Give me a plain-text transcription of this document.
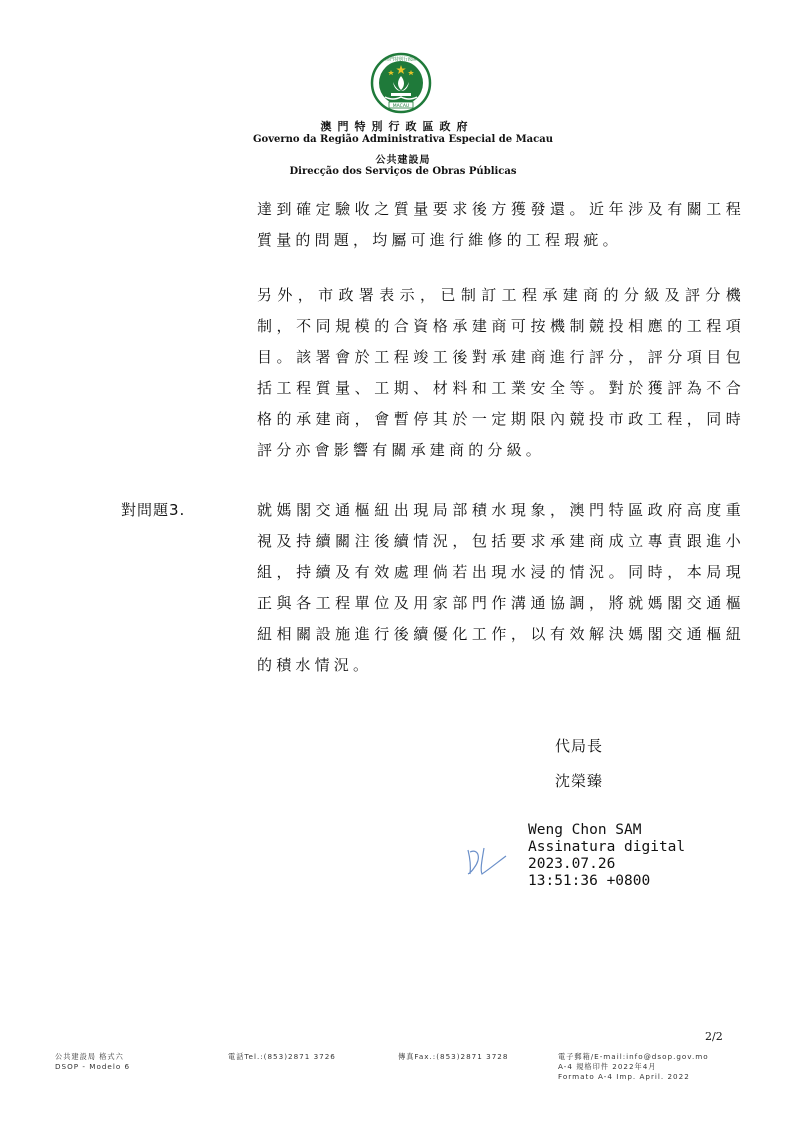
MACAU
澳門特別行政區
澳門特別行政區政府
Governo da Região Administrativa Especial de Macau
公共建設局
Direcção dos Serviços de Obras Públicas
達到確定驗收之質量要求後方獲發還。近年涉及有關工程質量的問題，均屬可進行維修的工程瑕疵。
另外，市政署表示，已制訂工程承建商的分級及評分機制，不同規模的合資格承建商可按機制競投相應的工程項目。該署會於工程竣工後對承建商進行評分，評分項目包括工程質量、工期、材料和工業安全等。對於獲評為不合格的承建商，會暫停其於一定期限內競投市政工程，同時評分亦會影響有關承建商的分級。
對問題3.	就媽閣交通樞紐出現局部積水現象，澳門特區政府高度重視及持續關注後續情況，包括要求承建商成立專責跟進小組，持續及有效處理倘若出現水浸的情況。同時，本局現正與各工程單位及用家部門作溝通協調，將就媽閣交通樞紐相關設施進行後續優化工作，以有效解決媽閣交通樞紐的積水情況。
代局長
沈榮臻
Weng Chon SAM
Assinatura digital
2023.07.26
13:51:36 +0800
2/2
公共建設局 格式六
DSOP - Modelo 6
電話Tel.:(853)2871 3726	傳真Fax.:(853)2871 3728	電子郵箱/E-mail:info@dsop.gov.mo
A-4 規格印件 2022年4月
Formato A-4 Imp. April. 2022
